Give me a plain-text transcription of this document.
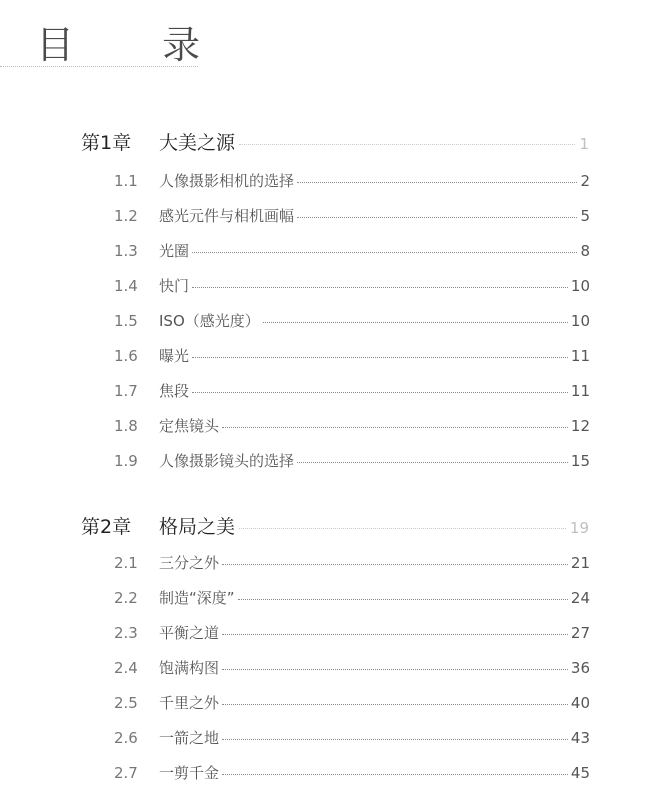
目 录
第1章	大美之源	1
1.1	人像摄影相机的选择	2
1.2	感光元件与相机画幅	5
1.3	光圈	8
1.4	快门	10
1.5	ISO（感光度）	10
1.6	曝光	11
1.7	焦段	11
1.8	定焦镜头	12
1.9	人像摄影镜头的选择	15
第2章	格局之美	19
2.1	三分之外	21
2.2	制造“深度”	24
2.3	平衡之道	27
2.4	饱满构图	36
2.5	千里之外	40
2.6	一箭之地	43
2.7	一剪千金	45
